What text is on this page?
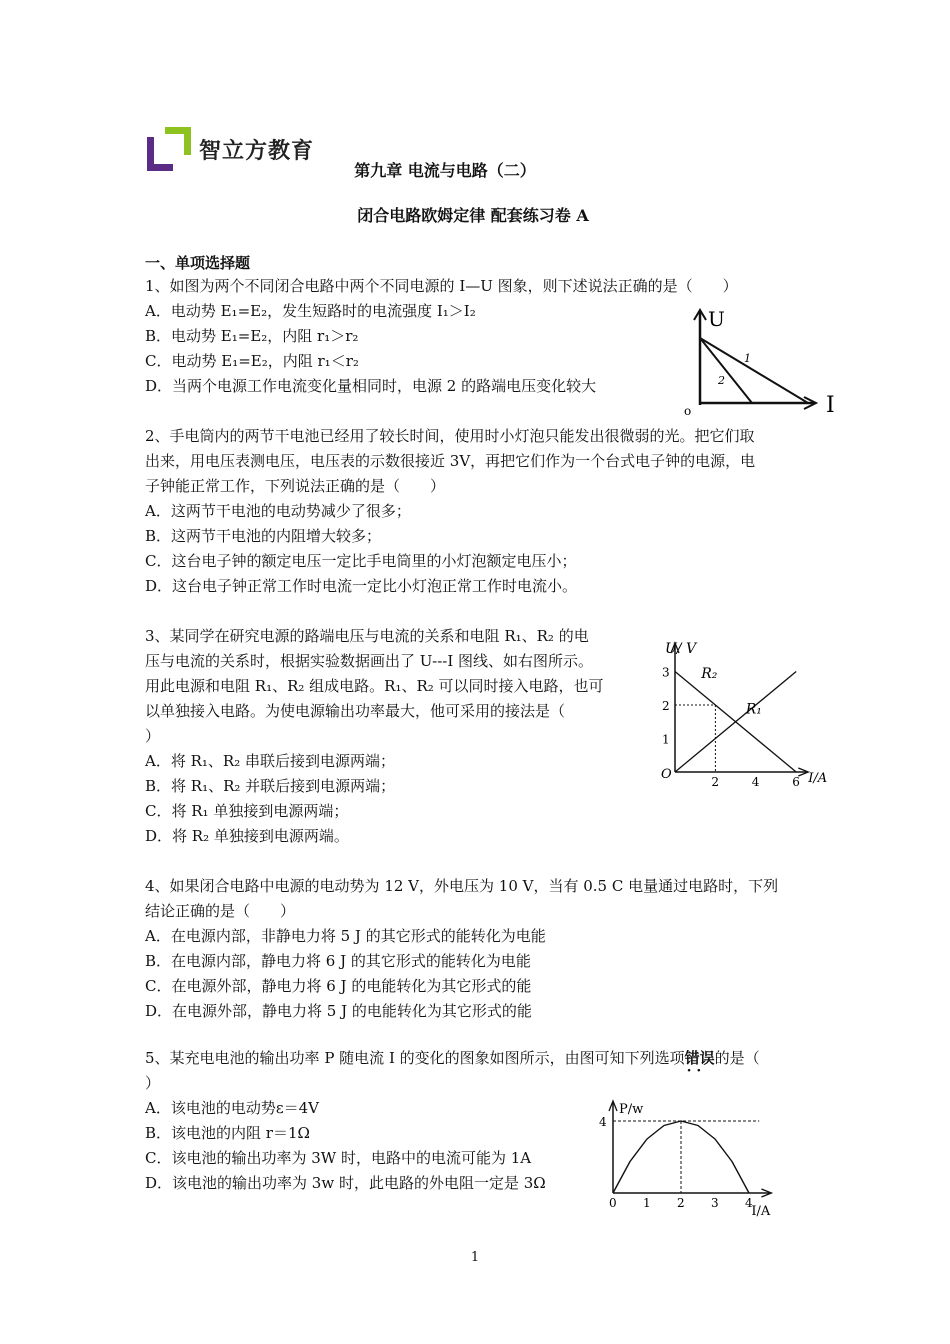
智立方教育
第九章 电流与电路（二）
闭合电路欧姆定律 配套练习卷 A
一、单项选择题
1、如图为两个不同闭合电路中两个不同电源的 I—U 图象，则下述说法正确的是（　　）
A．电动势 E₁=E₂，发生短路时的电流强度 I₁＞I₂
B．电动势 E₁=E₂，内阻 r₁＞r₂
C．电动势 E₁=E₂，内阻 r₁＜r₂
D．当两个电源工作电流变化量相同时，电源 2 的路端电压变化较大
U
I
o
1
2
2、手电筒内的两节干电池已经用了较长时间，使用时小灯泡只能发出很微弱的光。把它们取
出来，用电压表测电压，电压表的示数很接近 3V，再把它们作为一个台式电子钟的电源，电
子钟能正常工作，下列说法正确的是（　　）
A．这两节干电池的电动势减少了很多；
B．这两节干电池的内阻增大较多；
C．这台电子钟的额定电压一定比手电筒里的小灯泡额定电压小；
D．这台电子钟正常工作时电流一定比小灯泡正常工作时电流小。
3、某同学在研究电源的路端电压与电流的关系和电阻 R₁、R₂ 的电
压与电流的关系时，根据实验数据画出了 U---I 图线、如右图所示。
用此电源和电阻 R₁、R₂ 组成电路。R₁、R₂ 可以同时接入电路，也可
以单独接入电路。为使电源输出功率最大，他可采用的接法是（
）
A．将 R₁、R₂ 串联后接到电源两端；
B．将 R₁、R₂ 并联后接到电源两端；
C．将 R₁ 单独接到电源两端；
D．将 R₂ 单独接到电源两端。
U/ V
I/A
O
1
2
3
2	4	6
R₂
R₁
4、如果闭合电路中电源的电动势为 12 V，外电压为 10 V，当有 0.5 C 电量通过电路时，下列
结论正确的是（　　）
A．在电源内部，非静电力将 5 J 的其它形式的能转化为电能
B．在电源内部，静电力将 6 J 的其它形式的能转化为电能
C．在电源外部，静电力将 6 J 的电能转化为其它形式的能
D．在电源外部，静电力将 5 J 的电能转化为其它形式的能
5、某充电电池的输出功率 P 随电流 I 的变化的图象如图所示，由图可知下列选项错误 · ·的是（
）
A．该电池的电动势ε＝4V
B．该电池的内阻 r＝1Ω
C．该电池的输出功率为 3W 时，电路中的电流可能为 1A
D．该电池的输出功率为 3w 时，此电路的外电阻一定是 3Ω
P/w
I/A
0 1 2 3 4
4
1
